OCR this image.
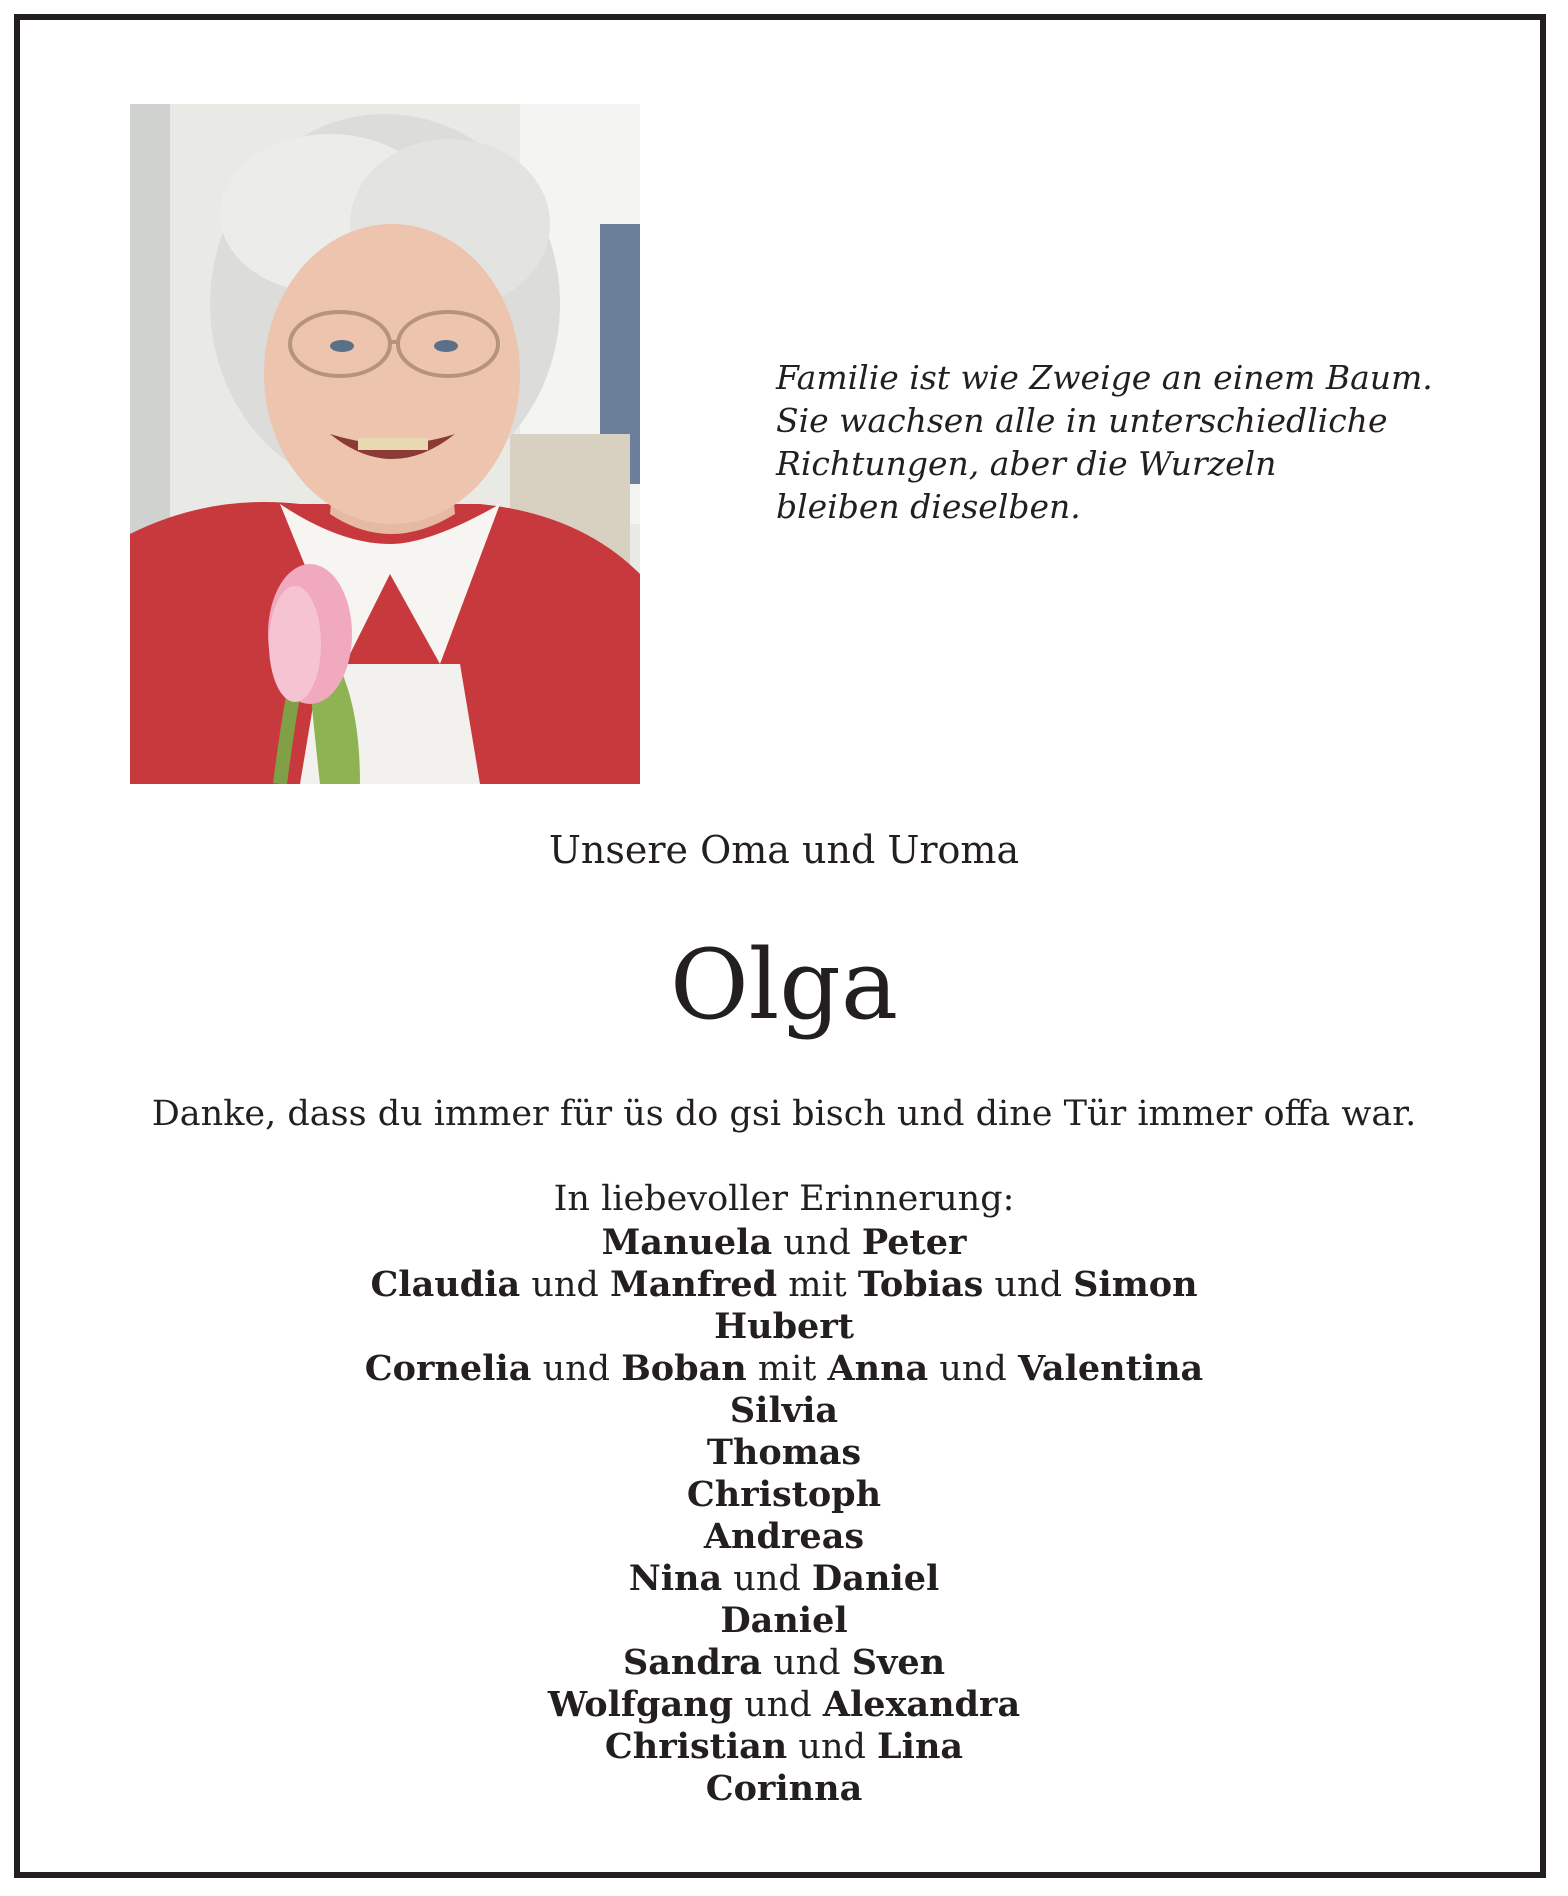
Familie ist wie Zweige an einem Baum.
Sie wachsen alle in unterschiedliche
Richtungen, aber die Wurzeln
bleiben dieselben.
Unsere Oma und Uroma
Olga
Danke, dass du immer für üs do gsi bisch und dine Tür immer offa war.
In liebevoller Erinnerung:
Manuela und Peter
Claudia und Manfred mit Tobias und Simon
Hubert
Cornelia und Boban mit Anna und Valentina
Silvia
Thomas
Christoph
Andreas
Nina und Daniel
Daniel
Sandra und Sven
Wolfgang und Alexandra
Christian und Lina
Corinna
